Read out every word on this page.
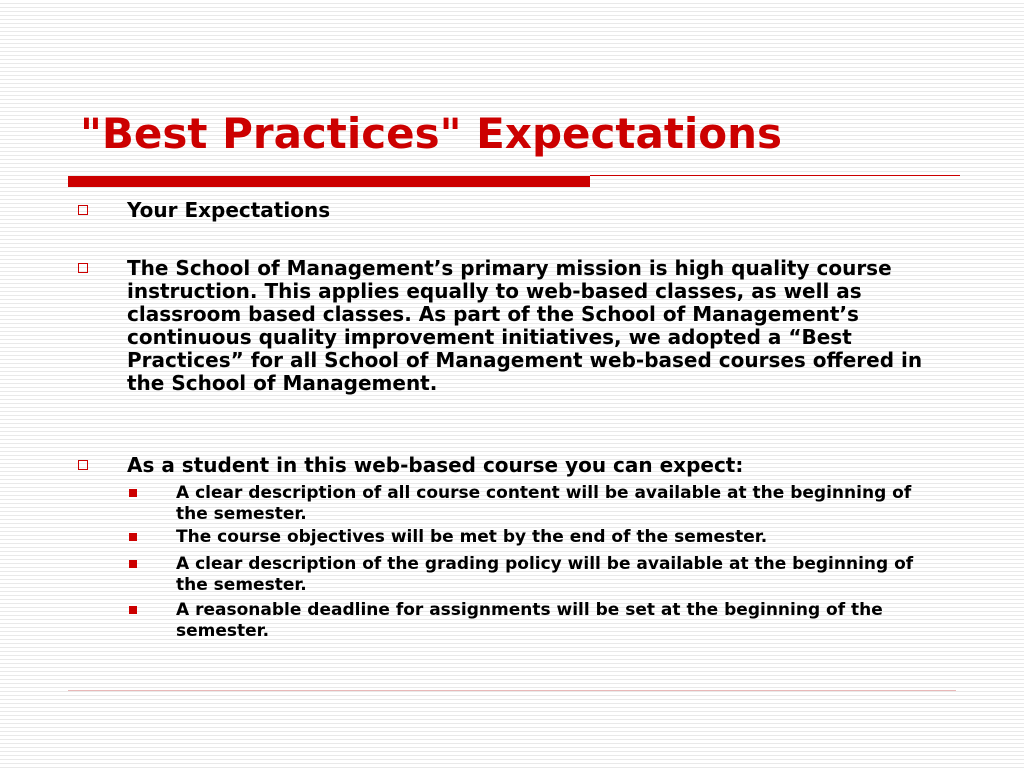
"Best Practices" Expectations
Your Expectations
The School of Management’s primary mission is high quality course instruction. This applies equally to web-based classes, as well as classroom based classes. As part of the School of Management’s continuous quality improvement initiatives, we adopted a “Best Practices” for all School of Management web-based courses offered in the School of Management.
As a student in this web-based course you can expect:
A clear description of all course content will be available at the beginning of the semester.
The course objectives will be met by the end of the semester.
A clear description of the grading policy will be available at the beginning of the semester.
A reasonable deadline for assignments will be set at the beginning of the semester.
